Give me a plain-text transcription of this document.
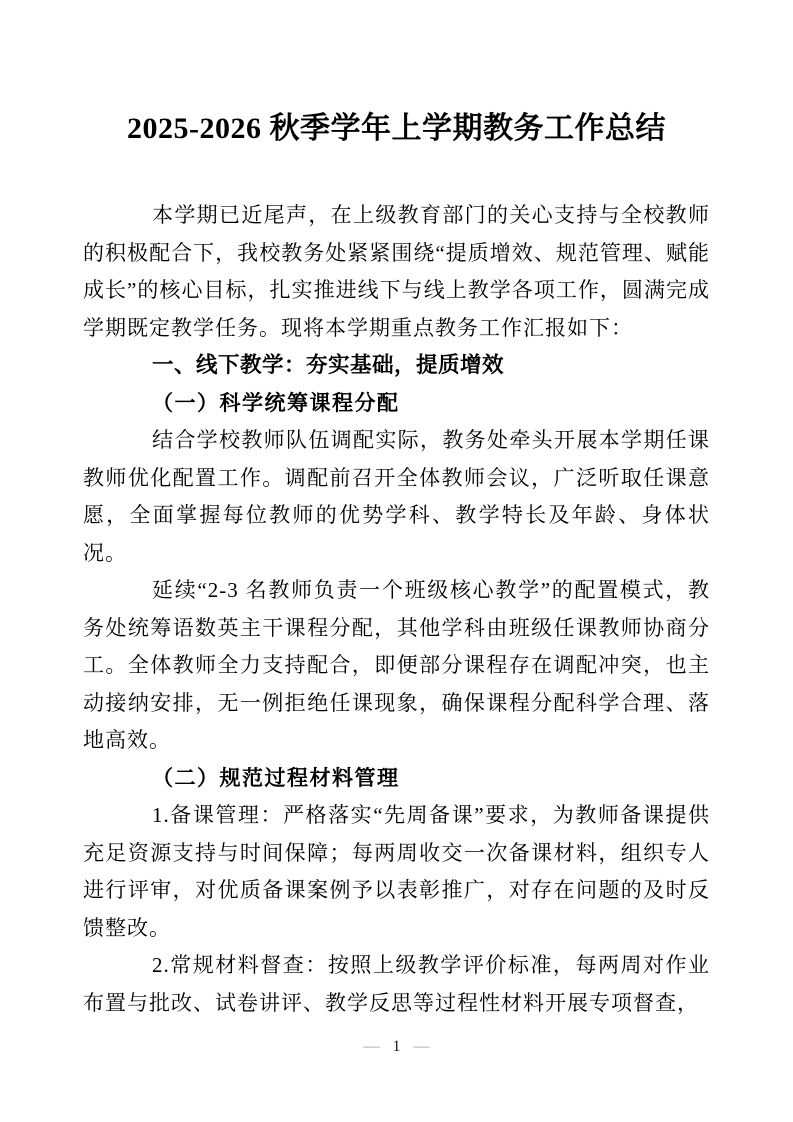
2025-2026 秋季学年上学期教务工作总结

本学期已近尾声，在上级教育部门的关心支持与全校教师的积极配合下，我校教务处紧紧围绕“提质增效、规范管理、赋能成长”的核心目标，扎实推进线下与线上教学各项工作，圆满完成学期既定教学任务。现将本学期重点教务工作汇报如下：

一、线下教学：夯实基础，提质增效
（一）科学统筹课程分配

结合学校教师队伍调配实际，教务处牵头开展本学期任课教师优化配置工作。调配前召开全体教师会议，广泛听取任课意愿，全面掌握每位教师的优势学科、教学特长及年龄、身体状况。

延续“2-3 名教师负责一个班级核心教学”的配置模式，教务处统筹语数英主干课程分配，其他学科由班级任课教师协商分工。全体教师全力支持配合，即便部分课程存在调配冲突，也主动接纳安排，无一例拒绝任课现象，确保课程分配科学合理、落地高效。

（二）规范过程材料管理

1.备课管理：严格落实“先周备课”要求，为教师备课提供充足资源支持与时间保障；每两周收交一次备课材料，组织专人进行评审，对优质备课案例予以表彰推广，对存在问题的及时反馈整改。

2.常规材料督查：按照上级教学评价标准，每两周对作业布置与批改、试卷讲评、教学反思等过程性材料开展专项督查，

— 1 —
